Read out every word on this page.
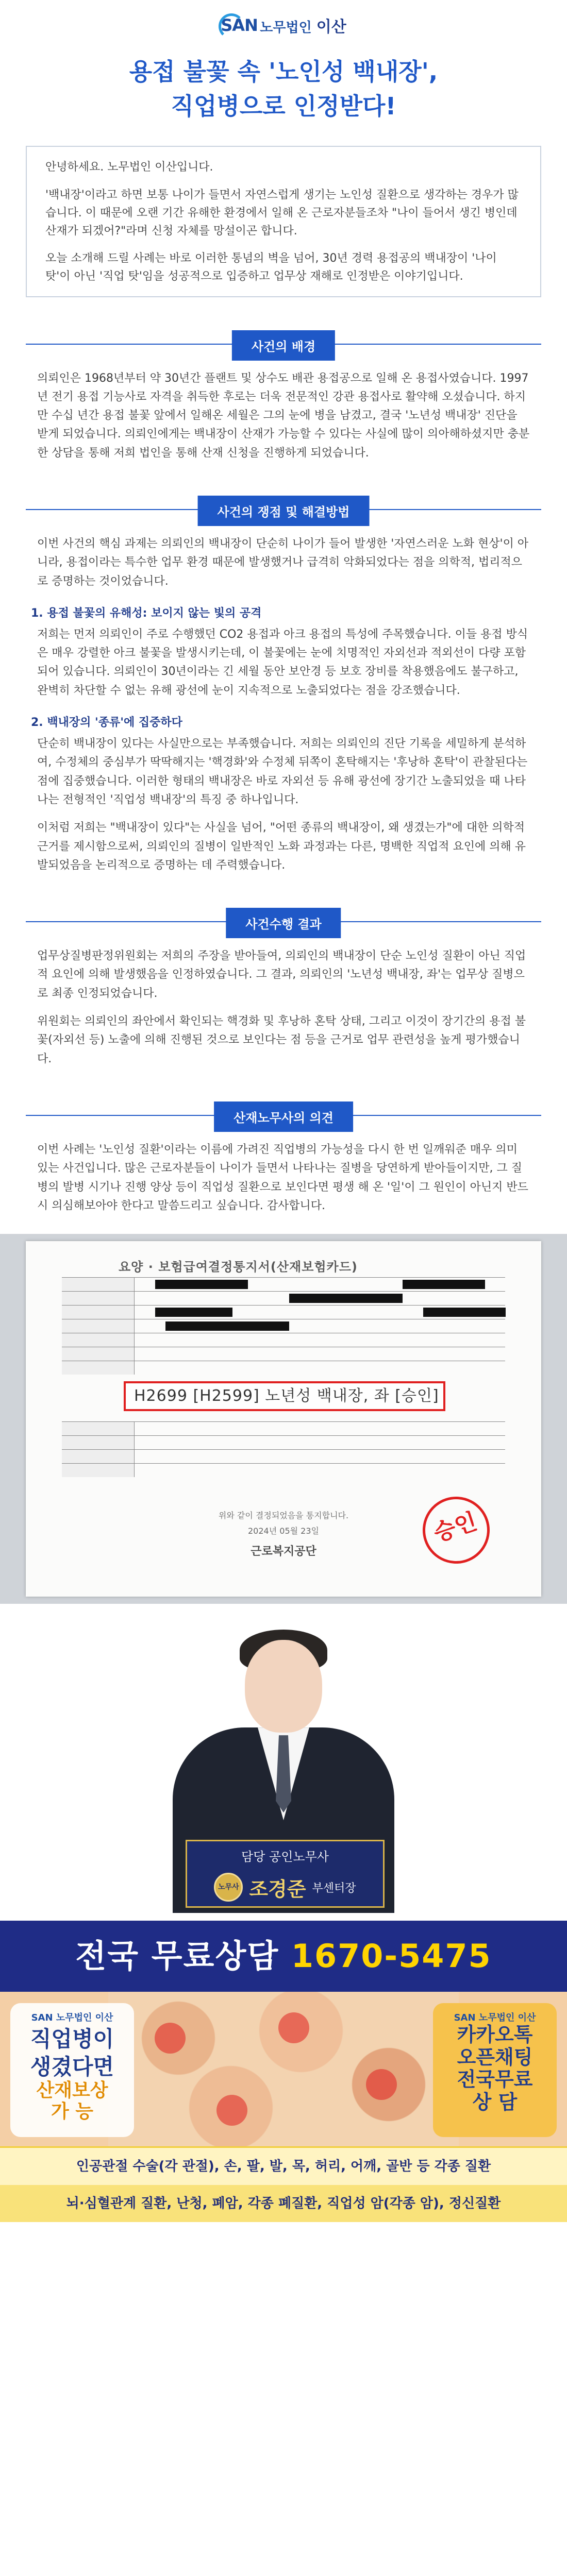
SAN 노무법인 이산
용접 불꽃 속 '노인성 백내장',
직업병으로 인정받다!

안녕하세요. 노무법인 이산입니다.

'백내장'이라고 하면 보통 나이가 들면서 자연스럽게 생기는 노인성 질환으로 생각하는 경우가 많습니다. 이 때문에 오랜 기간 유해한 환경에서 일해 온 근로자분들조차 "나이 들어서 생긴 병인데 산재가 되겠어?"라며 신청 자체를 망설이곤 합니다.

오늘 소개해 드릴 사례는 바로 이러한 통념의 벽을 넘어, 30년 경력 용접공의 백내장이 '나이 탓'이 아닌 '직업 탓'임을 성공적으로 입증하고 업무상 재해로 인정받은 이야기입니다.

사건의 배경

의뢰인은 1968년부터 약 30년간 플랜트 및 상수도 배관 용접공으로 일해 온 용접사였습니다. 1997년 전기 용접 기능사로 자격을 취득한 후로는 더욱 전문적인 강관 용접사로 활약해 오셨습니다. 하지만 수십 년간 용접 불꽃 앞에서 일해온 세월은 그의 눈에 병을 남겼고, 결국 '노년성 백내장' 진단을 받게 되었습니다. 의뢰인에게는 백내장이 산재가 가능할 수 있다는 사실에 많이 의아해하셨지만 충분한 상담을 통해 저희 법인을 통해 산재 신청을 진행하게 되었습니다.

사건의 쟁점 및 해결방법

이번 사건의 핵심 과제는 의뢰인의 백내장이 단순히 나이가 들어 발생한 '자연스러운 노화 현상'이 아니라, 용접이라는 특수한 업무 환경 때문에 발생했거나 급격히 악화되었다는 점을 의학적, 법리적으로 증명하는 것이었습니다.

1. 용접 불꽃의 유해성: 보이지 않는 빛의 공격

저희는 먼저 의뢰인이 주로 수행했던 CO2 용접과 아크 용접의 특성에 주목했습니다. 이들 용접 방식은 매우 강렬한 아크 불꽃을 발생시키는데, 이 불꽃에는 눈에 치명적인 자외선과 적외선이 다량 포함되어 있습니다. 의뢰인이 30년이라는 긴 세월 동안 보안경 등 보호 장비를 착용했음에도 불구하고, 완벽히 차단할 수 없는 유해 광선에 눈이 지속적으로 노출되었다는 점을 강조했습니다.

2. 백내장의 '종류'에 집중하다

단순히 백내장이 있다는 사실만으로는 부족했습니다. 저희는 의뢰인의 진단 기록을 세밀하게 분석하여, 수정체의 중심부가 딱딱해지는 '핵경화'와 수정체 뒤쪽이 혼탁해지는 '후낭하 혼탁'이 관찰된다는 점에 집중했습니다. 이러한 형태의 백내장은 바로 자외선 등 유해 광선에 장기간 노출되었을 때 나타나는 전형적인 '직업성 백내장'의 특징 중 하나입니다.

이처럼 저희는 "백내장이 있다"는 사실을 넘어, "어떤 종류의 백내장이, 왜 생겼는가"에 대한 의학적 근거를 제시함으로써, 의뢰인의 질병이 일반적인 노화 과정과는 다른, 명백한 직업적 요인에 의해 유발되었음을 논리적으로 증명하는 데 주력했습니다.

사건수행 결과

업무상질병판정위원회는 저희의 주장을 받아들여, 의뢰인의 백내장이 단순 노인성 질환이 아닌 직업적 요인에 의해 발생했음을 인정하였습니다. 그 결과, 의뢰인의 '노년성 백내장, 좌'는 업무상 질병으로 최종 인정되었습니다.

위원회는 의뢰인의 좌안에서 확인되는 핵경화 및 후낭하 혼탁 상태, 그리고 이것이 장기간의 용접 불꽃(자외선 등) 노출에 의해 진행된 것으로 보인다는 점 등을 근거로 업무 관련성을 높게 평가했습니다.

산재노무사의 의견

이번 사례는 '노인성 질환'이라는 이름에 가려진 직업병의 가능성을 다시 한 번 일깨워준 매우 의미 있는 사건입니다. 많은 근로자분들이 나이가 들면서 나타나는 질병을 당연하게 받아들이지만, 그 질병의 발병 시기나 진행 양상 등이 직업성 질환으로 보인다면 평생 해 온 '일'이 그 원인이 아닌지 반드시 의심해보아야 한다고 말씀드리고 싶습니다. 감사합니다.

요양 · 보험급여결정통지서(산재보험카드)
H2699 [H2599] 노년성 백내장, 좌 [승인]
위와 같이 결정되었음을 통지합니다.
2024년 05월 23일
근로복지공단
승인
담당 공인노무사
노무사 조경준 부센터장
전국 무료상담 1670-5475
SAN 노무법인 이산
직업병이
생겼다면
산재보상
가 능
SAN 노무법인 이산
카카오톡
오픈채팅
전국무료
상 담
인공관절 수술(각 관절), 손, 팔, 발, 목, 허리, 어깨, 골반 등 각종 질환
뇌·심혈관계 질환, 난청, 폐암, 각종 폐질환, 직업성 암(각종 암), 정신질환
